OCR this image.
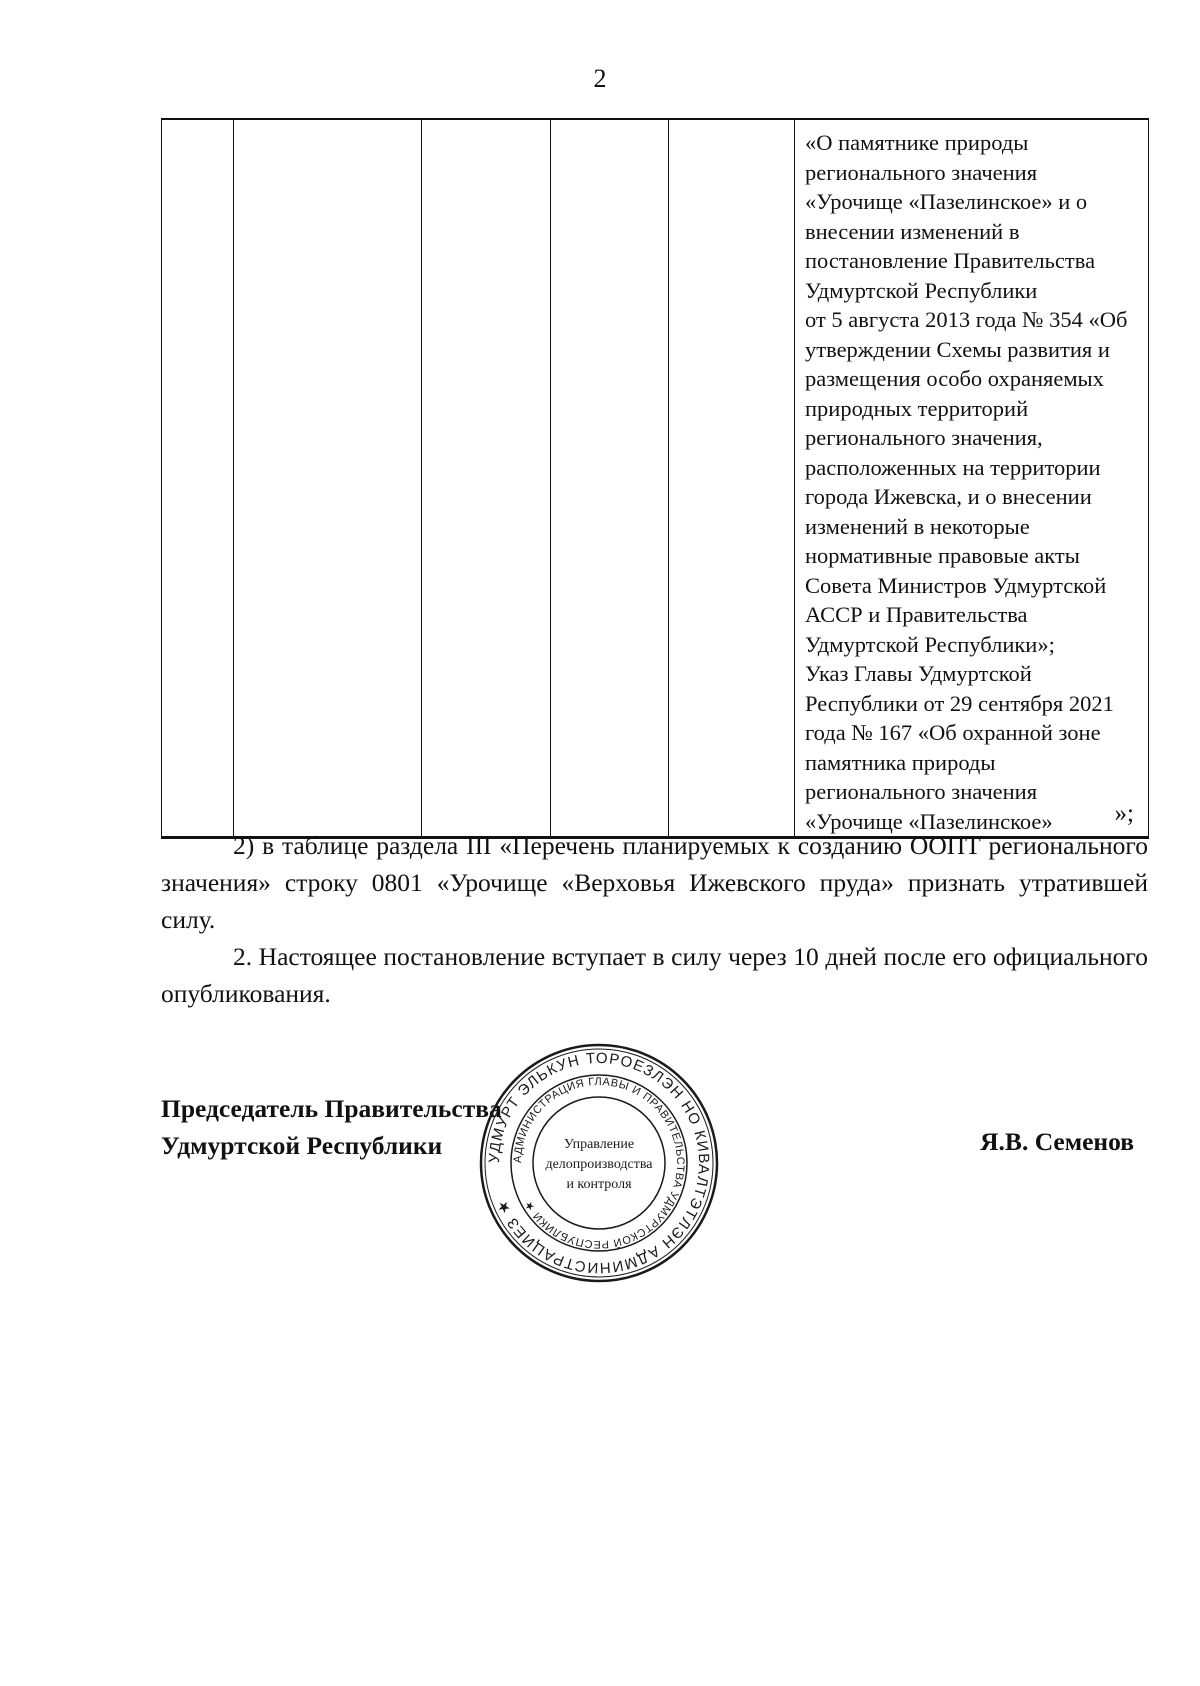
2

«О памятнике природы
регионального значения
«Урочище «Пазелинское» и о
внесении изменений в
постановление Правительства
Удмуртской Республики
от 5 августа 2013 года № 354 «Об
утверждении Схемы развития и
размещения особо охраняемых
природных территорий
регионального значения,
расположенных на территории
города Ижевска, и о внесении
изменений в некоторые
нормативные правовые акты
Совета Министров Удмуртской
АССР и Правительства
Удмуртской Республики»;
Указ Главы Удмуртской
Республики от 29 сентября 2021
года № 167 «Об охранной зоне
памятника природы
регионального значения
«Урочище «Пазелинское»	»;

2) в таблице раздела III «Перечень планируемых к созданию ООПТ регионального значения» строку 0801 «Урочище «Верховья Ижевского пруда» признать утратившей силу.

2. Настоящее постановление вступает в силу через 10 дней после его официального опубликования.

Председатель Правительства
Удмуртской Республики	Я.В. Семенов
УДМУРТ ЭЛЬКУН ТОРОЕЗЛЭН НО КИВАЛТЭТЛЭН АДМИНИСТРАЦИЕЗ ★
АДМИНИСТРАЦИЯ ГЛАВЫ И ПРАВИТЕЛЬСТВА УДМУРТСКОЙ РЕСПУБЛИКИ ★
Управление
делопроизводства
и контроля
